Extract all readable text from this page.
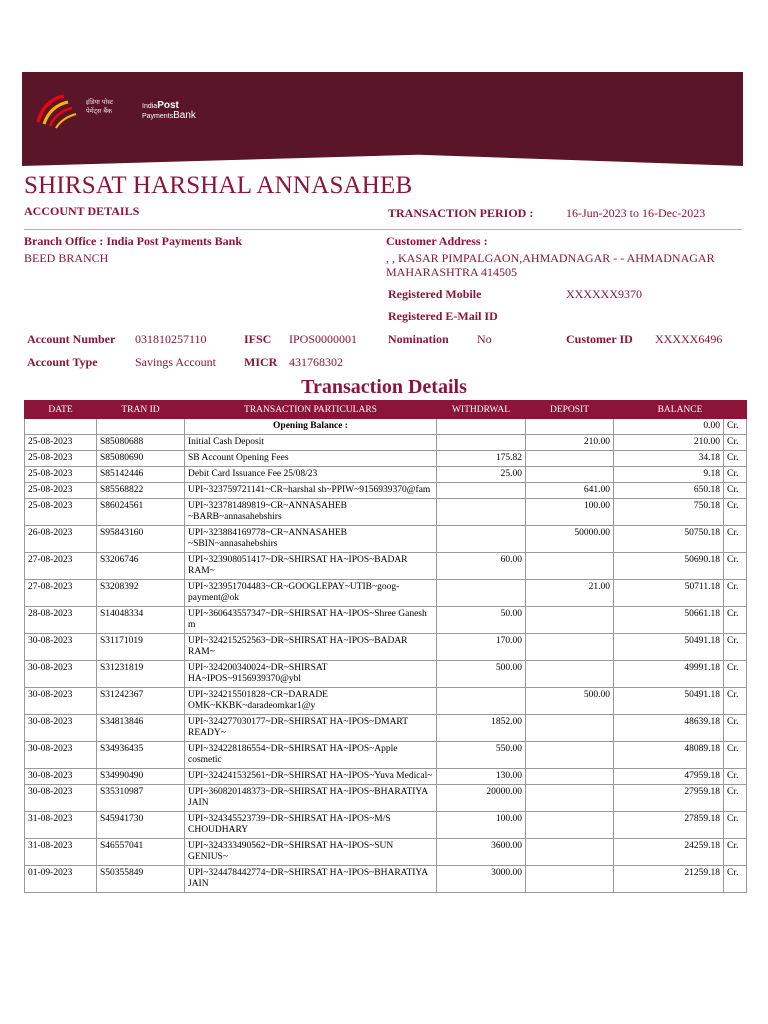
इंडिया पोस्ट
पेमेंट्स बैंक
IndiaPost
PaymentsBank
SHIRSAT HARSHAL ANNASAHEB
ACCOUNT DETAILS	TRANSACTION PERIOD :	16-Jun-2023 to 16-Dec-2023
Branch Office : India Post Payments Bank
BEED BRANCH
Customer Address :
, , KASAR PIMPALGAON,AHMADNAGAR - - AHMADNAGAR
MAHARASHTRA 414505
Registered Mobile	XXXXXX9370
Registered E-Mail ID
Account Number 031810257110	IFSC IPOS0000001	Nomination No	Customer ID XXXXX6496
Account Type	Savings Account MICR 431768302
Transaction Details
DATE	TRAN ID	TRANSACTION PARTICULARS	WITHDRWAL	DEPOSIT	BALANCE	
		Opening Balance :			0.00	Cr.
25-08-2023	S85080688	Initial Cash Deposit		210.00	210.00	Cr.
25-08-2023	S85080690	SB Account Opening Fees	175.82		34.18	Cr.
25-08-2023	S85142446	Debit Card Issuance Fee 25/08/23	25.00		9.18	Cr.
25-08-2023	S85568822	UPI~323759721141~CR~harshal sh~PPIW~9156939370@fam		641.00	650.18	Cr.
25-08-2023	S86024561	UPI~323781489819~CR~ANNASAHEB ~BARB~annasahebshirs		100.00	750.18	Cr.
26-08-2023	S95843160	UPI~323884169778~CR~ANNASAHEB ~SBIN~annasahebshirs		50000.00	50750.18	Cr.
27-08-2023	S3206746	UPI~323908051417~DR~SHIRSAT HA~IPOS~BADAR RAM~	60.00		50690.18	Cr.
27-08-2023	S3208392	UPI~323951704483~CR~GOOGLEPAY~UTIB~goog-payment@ok		21.00	50711.18	Cr.
28-08-2023	S14048334	UPI~360643557347~DR~SHIRSAT HA~IPOS~Shree Ganesh m	50.00		50661.18	Cr.
30-08-2023	S31171019	UPI~324215252563~DR~SHIRSAT HA~IPOS~BADAR RAM~	170.00		50491.18	Cr.
30-08-2023	S31231819	UPI~324200340024~DR~SHIRSAT HA~IPOS~9156939370@ybl	500.00		49991.18	Cr.
30-08-2023	S31242367	UPI~324215501828~CR~DARADE OMK~KKBK~daradeomkar1@y		500.00	50491.18	Cr.
30-08-2023	S34813846	UPI~324277030177~DR~SHIRSAT HA~IPOS~DMART READY~	1852.00		48639.18	Cr.
30-08-2023	S34936435	UPI~324228186554~DR~SHIRSAT HA~IPOS~Apple cosmetic	550.00		48089.18	Cr.
30-08-2023	S34990490	UPI~324241532561~DR~SHIRSAT HA~IPOS~Yuva Medical~	130.00		47959.18	Cr.
30-08-2023	S35310987	UPI~360820148373~DR~SHIRSAT HA~IPOS~BHARATIYA JAIN	20000.00		27959.18	Cr.
31-08-2023	S45941730	UPI~324345523739~DR~SHIRSAT HA~IPOS~M/S CHOUDHARY	100.00		27859.18	Cr.
31-08-2023	S46557041	UPI~324333490562~DR~SHIRSAT HA~IPOS~SUN GENIUS~	3600.00		24259.18	Cr.
01-09-2023	S50355849	UPI~324478442774~DR~SHIRSAT HA~IPOS~BHARATIYA JAIN	3000.00		21259.18	Cr.
